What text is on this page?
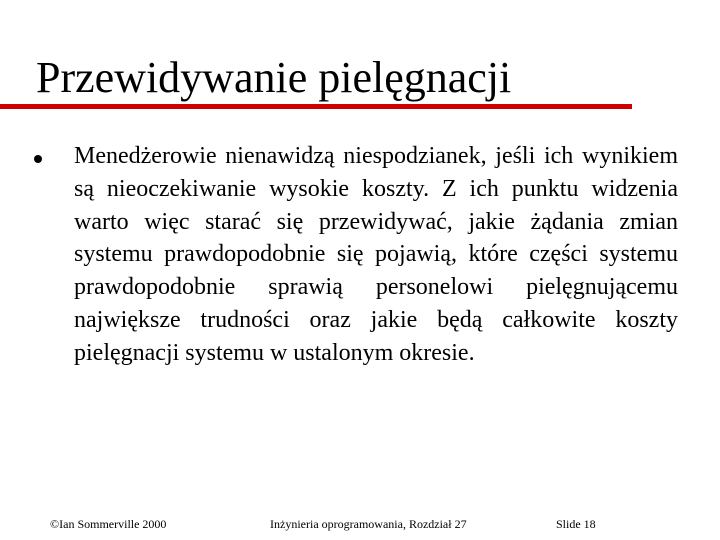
Przewidywanie pielęgnacji
Menedżerowie nienawidzą niespodzianek, jeśli ich wynikiem są nieoczekiwanie wysokie koszty. Z ich punktu widzenia warto więc starać się przewidywać, jakie żądania zmian systemu prawdopodobnie się pojawią, które części systemu prawdopodobnie sprawią personelowi pielęgnującemu największe trudności oraz jakie będą całkowite koszty pielęgnacji systemu w ustalonym okresie.
©Ian Sommerville 2000	Inżynieria oprogramowania, Rozdział 27	Slide 18
